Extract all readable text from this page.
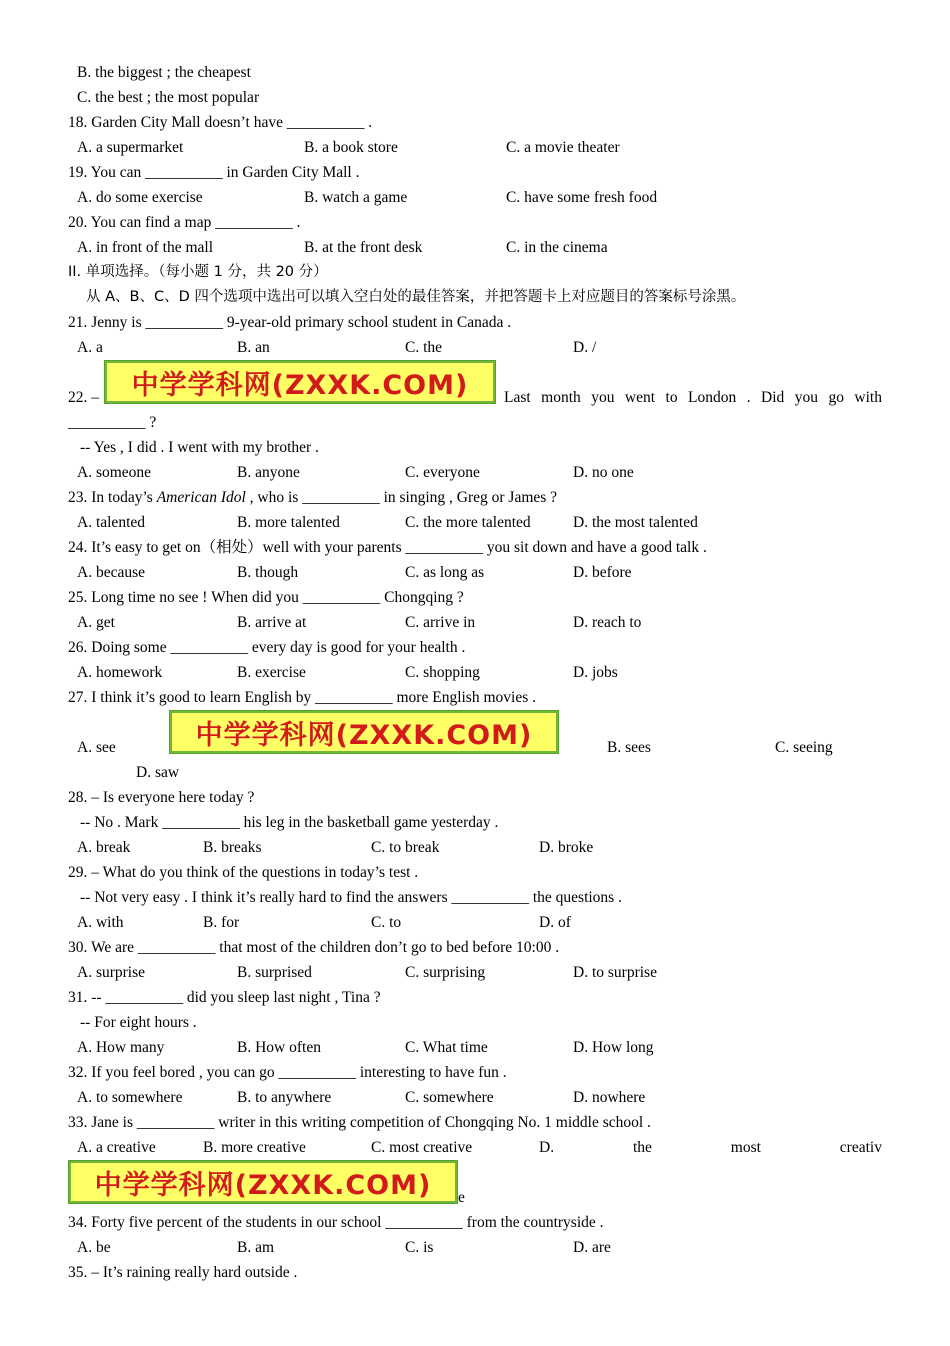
B. the biggest ; the cheapest
C. the best ; the most popular
18. Garden City Mall doesn’t have __________ .
A. a supermarket	B. a book store	C. a movie theater
19. You can __________ in Garden City Mall .
A. do some exercise	B. watch a game	C. have some fresh food
20. You can find a map __________ .
A. in front of the mall	B. at the front desk	C. in the cinema
II. 单项选择。（每小题 1 分，共 20 分）
从 A、B、C、D 四个选项中选出可以填入空白处的最佳答案，并把答题卡上对应题目的答案标号涂黑。
21. Jenny is __________ 9-year-old primary school student in Canada .
A. a	B. an	C. the	D. /
22. –	Last month you went to London . Did you go with
中学学科网(ZXXK.COM)
__________ ?
-- Yes , I did . I went with my brother .
A. someone	B. anyone	C. everyone	D. no one
23. In today’s American Idol , who is __________ in singing , Greg or James ?
A. talented	B. more talented	C. the more talented	D. the most talented
24. It’s easy to get on（相处）well with your parents __________ you sit down and have a good talk .
A. because	B. though	C. as long as	D. before
25. Long time no see ! When did you __________ Chongqing ?
A. get	B. arrive at	C. arrive in	D. reach to
26. Doing some __________ every day is good for your health .
A. homework	B. exercise	C. shopping	D. jobs
27. I think it’s good to learn English by __________ more English movies .
中学学科网(ZXXK.COM)
A. see	B. sees	C. seeing
D. saw
28. – Is everyone here today ?
-- No . Mark __________ his leg in the basketball game yesterday .
A. break	B. breaks	C. to break	D. broke
29. – What do you think of the questions in today’s test .
-- Not very easy . I think it’s really hard to find the answers __________ the questions .
A. with	B. for	C. to	D. of
30. We are __________ that most of the children don’t go to bed before 10:00 .
A. surprise	B. surprised	C. surprising	D. to surprise
31. -- __________ did you sleep last night , Tina ?
-- For eight hours .
A. How many	B. How often	C. What time	D. How long
32. If you feel bored , you can go __________ interesting to have fun .
A. to somewhere	B. to anywhere	C. somewhere	D. nowhere
33. Jane is __________ writer in this writing competition of Chongqing No. 1 middle school .
A. a creative	B. more creative	C. most creative	D.	the	most	creativ
中学学科网(ZXXK.COM)	e
34. Forty five percent of the students in our school __________ from the countryside .
A. be	B. am	C. is	D. are
35. – It’s raining really hard outside .
